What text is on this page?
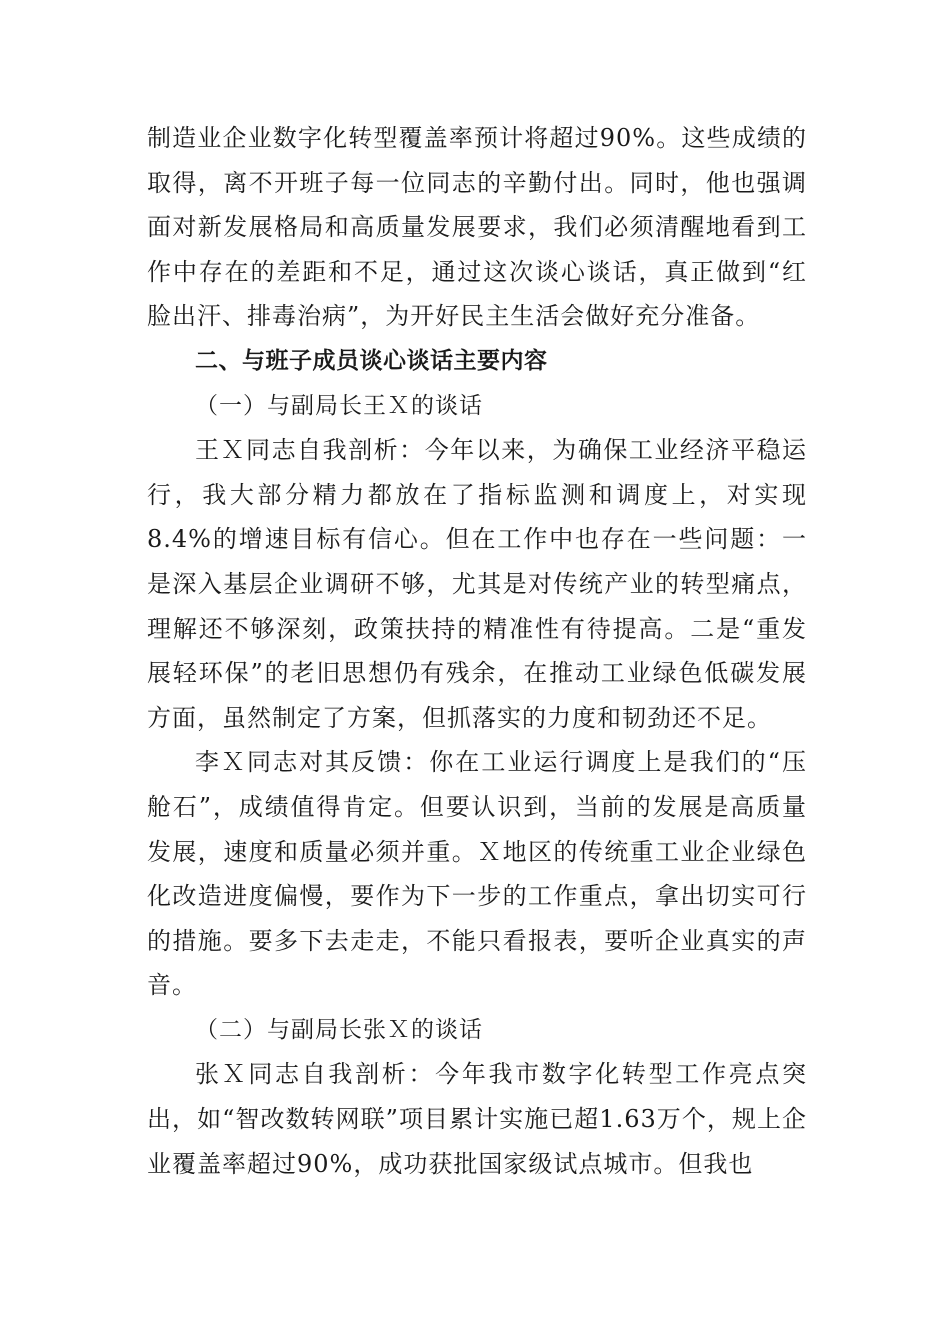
制造业企业数字化转型覆盖率预计将超过90%。这些成绩的取得，离不开班子每一位同志的辛勤付出。同时，他也强调面对新发展格局和高质量发展要求，我们必须清醒地看到工作中存在的差距和不足，通过这次谈心谈话，真正做到“红脸出汗、排毒治病”，为开好民主生活会做好充分准备。

二、与班子成员谈心谈话主要内容

（一）与副局长王Ｘ的谈话

王Ｘ同志自我剖析：今年以来，为确保工业经济平稳运行，我大部分精力都放在了指标监测和调度上，对实现8.4%的增速目标有信心。但在工作中也存在一些问题：一是深入基层企业调研不够，尤其是对传统产业的转型痛点，理解还不够深刻，政策扶持的精准性有待提高。二是“重发展轻环保”的老旧思想仍有残余，在推动工业绿色低碳发展方面，虽然制定了方案，但抓落实的力度和韧劲还不足。

李Ｘ同志对其反馈：你在工业运行调度上是我们的“压舱石”，成绩值得肯定。但要认识到，当前的发展是高质量发展，速度和质量必须并重。Ｘ地区的传统重工业企业绿色化改造进度偏慢，要作为下一步的工作重点，拿出切实可行的措施。要多下去走走，不能只看报表，要听企业真实的声音。

（二）与副局长张Ｘ的谈话

张Ｘ同志自我剖析：今年我市数字化转型工作亮点突出，如“智改数转网联”项目累计实施已超1.63万个，规上企业覆盖率超过90%，成功获批国家级试点城市。但我也
